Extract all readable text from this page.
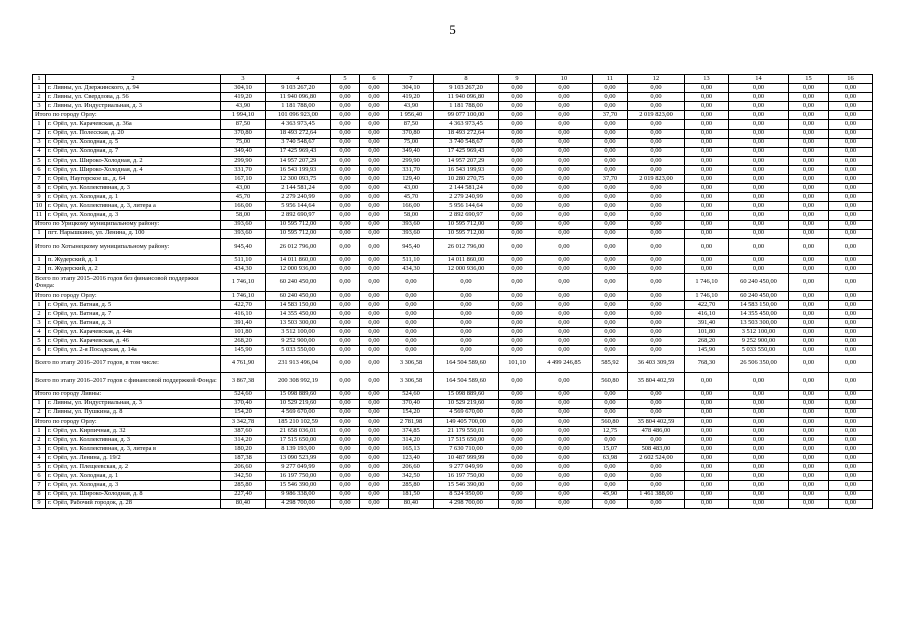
5
1	2	3	4	5	6	7	8	9	10	11	12	13	14	15	16
1	г. Ливны, ул. Дзержинского, д. 94	304,10	9 103 267,20	0,00	0,00	304,10	9 103 267,20	0,00	0,00	0,00	0,00	0,00	0,00	0,00	0,00
2	г. Ливны, ул. Свердлова, д. 56	419,20	11 940 096,80	0,00	0,00	419,20	11 940 096,80	0,00	0,00	0,00	0,00	0,00	0,00	0,00	0,00
3	г. Ливны, ул. Индустриальная, д. 3	43,90	1 181 788,00	0,00	0,00	43,90	1 181 788,00	0,00	0,00	0,00	0,00	0,00	0,00	0,00	0,00
Итого по городу Орлу:		1 994,10	101 096 923,00	0,00	0,00	1 956,40	99 077 100,00	0,00	0,00	37,70	2 019 823,00	0,00	0,00	0,00	0,00
1	г. Орёл, ул. Карачевская, д. 36а	87,50	4 363 973,45	0,00	0,00	87,50	4 363 973,45	0,00	0,00	0,00	0,00	0,00	0,00	0,00	0,00
2	г. Орёл, ул. Полесская, д. 20	370,80	18 493 272,64	0,00	0,00	370,80	18 493 272,64	0,00	0,00	0,00	0,00	0,00	0,00	0,00	0,00
3	г. Орёл, ул. Холодная, д. 5	75,00	3 740 548,67	0,00	0,00	75,00	3 740 548,67	0,00	0,00	0,00	0,00	0,00	0,00	0,00	0,00
4	г. Орёл, ул. Холодная, д. 7	349,40	17 425 969,43	0,00	0,00	349,40	17 425 969,43	0,00	0,00	0,00	0,00	0,00	0,00	0,00	0,00
5	г. Орёл, ул. Широко-Холодная, д. 2	299,90	14 957 207,29	0,00	0,00	299,90	14 957 207,29	0,00	0,00	0,00	0,00	0,00	0,00	0,00	0,00
6	г. Орёл, ул. Широко-Холодная, д. 4	331,70	16 543 199,93	0,00	0,00	331,70	16 543 199,93	0,00	0,00	0,00	0,00	0,00	0,00	0,00	0,00
7	г. Орёл, Наугорское ш., д. 64	167,10	12 300 093,75	0,00	0,00	129,40	10 280 270,75	0,00	0,00	37,70	2 019 823,00	0,00	0,00	0,00	0,00
8	г. Орёл, ул. Коллективная, д. 3	43,00	2 144 581,24	0,00	0,00	43,00	2 144 581,24	0,00	0,00	0,00	0,00	0,00	0,00	0,00	0,00
9	г. Орёл, ул. Холодная, д. 1	45,70	2 279 240,99	0,00	0,00	45,70	2 279 240,99	0,00	0,00	0,00	0,00	0,00	0,00	0,00	0,00
10	г. Орёл, ул. Коллективная, д. 3, литера а	166,00	5 956 144,64	0,00	0,00	166,00	5 956 144,64	0,00	0,00	0,00	0,00	0,00	0,00	0,00	0,00
11	г. Орёл, ул. Холодная, д. 3	58,00	2 892 690,97	0,00	0,00	58,00	2 892 690,97	0,00	0,00	0,00	0,00	0,00	0,00	0,00	0,00
Итого по Урицкому муниципальному району:		393,60	10 595 712,00	0,00	0,00	393,60	10 595 712,00	0,00	0,00	0,00	0,00	0,00	0,00	0,00	0,00
1	пгт. Нарышкино, ул. Ленина, д. 100	393,60	10 595 712,00	0,00	0,00	393,60	10 595 712,00	0,00	0,00	0,00	0,00	0,00	0,00	0,00	0,00
Итого по Хотынецкому муниципальному району:		945,40	26 012 796,00	0,00	0,00	945,40	26 012 796,00	0,00	0,00	0,00	0,00	0,00	0,00	0,00	0,00
1	п. Жудерский, д. 1	511,10	14 011 860,00	0,00	0,00	511,10	14 011 860,00	0,00	0,00	0,00	0,00	0,00	0,00	0,00	0,00
2	п. Жудерский, д. 2	434,30	12 000 936,00	0,00	0,00	434,30	12 000 936,00	0,00	0,00	0,00	0,00	0,00	0,00	0,00	0,00
Всего по этапу 2015–2016 годов без финансовой поддержки Фонда:		1 746,10	60 240 450,00	0,00	0,00	0,00	0,00	0,00	0,00	0,00	0,00	1 746,10	60 240 450,00	0,00	0,00
Итого по городу Орлу:		1 746,10	60 240 450,00	0,00	0,00	0,00	0,00	0,00	0,00	0,00	0,00	1 746,10	60 240 450,00	0,00	0,00
1	г. Орёл, ул. Ватная, д. 5	422,70	14 583 150,00	0,00	0,00	0,00	0,00	0,00	0,00	0,00	0,00	422,70	14 583 150,00	0,00	0,00
2	г. Орёл, ул. Ватная, д. 7	416,10	14 355 450,00	0,00	0,00	0,00	0,00	0,00	0,00	0,00	0,00	416,10	14 355 450,00	0,00	0,00
3	г. Орёл, ул. Ватная, д. 3	391,40	13 503 300,00	0,00	0,00	0,00	0,00	0,00	0,00	0,00	0,00	391,40	13 503 300,00	0,00	0,00
4	г. Орёл, ул. Карачевская, д. 44в	101,80	3 512 100,00	0,00	0,00	0,00	0,00	0,00	0,00	0,00	0,00	101,80	3 512 100,00	0,00	0,00
5	г. Орёл, ул. Карачевская, д. 46	268,20	9 252 900,00	0,00	0,00	0,00	0,00	0,00	0,00	0,00	0,00	268,20	9 252 900,00	0,00	0,00
6	г. Орёл, ул. 2-я Посадская, д. 14а	145,90	5 033 550,00	0,00	0,00	0,00	0,00	0,00	0,00	0,00	0,00	145,90	5 033 550,00	0,00	0,00
Всего по этапу 2016–2017 годов, в том числе:		4 761,90	231 913 496,04	0,00	0,00	3 306,58	164 504 589,60	101,10	4 499 246,85	585,92	36 403 309,59	768,30	26 506 350,00	0,00	0,00
Всего по этапу 2016–2017 годов с финансовой поддержкой Фонда:		3 867,38	200 308 992,19	0,00	0,00	3 306,58	164 504 589,60	0,00	0,00	560,80	35 804 402,59	0,00	0,00	0,00	0,00
Итого по городу Ливны:		524,60	15 098 889,60	0,00	0,00	524,60	15 098 889,60	0,00	0,00	0,00	0,00	0,00	0,00	0,00	0,00
1	г. Ливны, ул. Индустриальная, д. 3	370,40	10 529 219,60	0,00	0,00	370,40	10 529 219,60	0,00	0,00	0,00	0,00	0,00	0,00	0,00	0,00
2	г. Ливны, ул. Пушкина, д. 8	154,20	4 569 670,00	0,00	0,00	154,20	4 569 670,00	0,00	0,00	0,00	0,00	0,00	0,00	0,00	0,00
Итого по городу Орлу:		3 342,78	185 210 102,59	0,00	0,00	2 781,98	149 405 700,00	0,00	0,00	560,80	35 804 402,59	0,00	0,00	0,00	0,00
1	г. Орёл, ул. Кирпичная, д. 32	387,60	21 658 036,01	0,00	0,00	374,85	21 179 550,01	0,00	0,00	12,75	478 486,00	0,00	0,00	0,00	0,00
2	г. Орёл, ул. Коллективная, д. 3	314,20	17 515 650,00	0,00	0,00	314,20	17 515 650,00	0,00	0,00	0,00	0,00	0,00	0,00	0,00	0,00
3	г. Орёл, ул. Коллективная, д. 3, литера в	180,20	8 139 193,00	0,00	0,00	165,13	7 630 710,00	0,00	0,00	15,07	508 483,00	0,00	0,00	0,00	0,00
4	г. Орёл, ул. Ленина, д. 19/2	187,38	13 090 523,99	0,00	0,00	123,40	10 487 999,99	0,00	0,00	63,98	2 602 524,00	0,00	0,00	0,00	0,00
5	г. Орёл, ул. Плещеевская, д. 2	206,60	9 277 049,99	0,00	0,00	206,60	9 277 049,99	0,00	0,00	0,00	0,00	0,00	0,00	0,00	0,00
6	г. Орёл, ул. Холодная, д. 1	342,50	16 197 750,00	0,00	0,00	342,50	16 197 750,00	0,00	0,00	0,00	0,00	0,00	0,00	0,00	0,00
7	г. Орёл, ул. Холодная, д. 3	285,80	15 546 390,00	0,00	0,00	285,80	15 546 390,00	0,00	0,00	0,00	0,00	0,00	0,00	0,00	0,00
8	г. Орёл, ул. Широко-Холодная, д. 8	227,40	9 986 338,00	0,00	0,00	181,50	8 524 950,00	0,00	0,00	45,90	1 461 388,00	0,00	0,00	0,00	0,00
9	г. Орёл, Рабочий городок, д. 28	80,40	4 298 700,00	0,00	0,00	80,40	4 298 700,00	0,00	0,00	0,00	0,00	0,00	0,00	0,00	0,00
